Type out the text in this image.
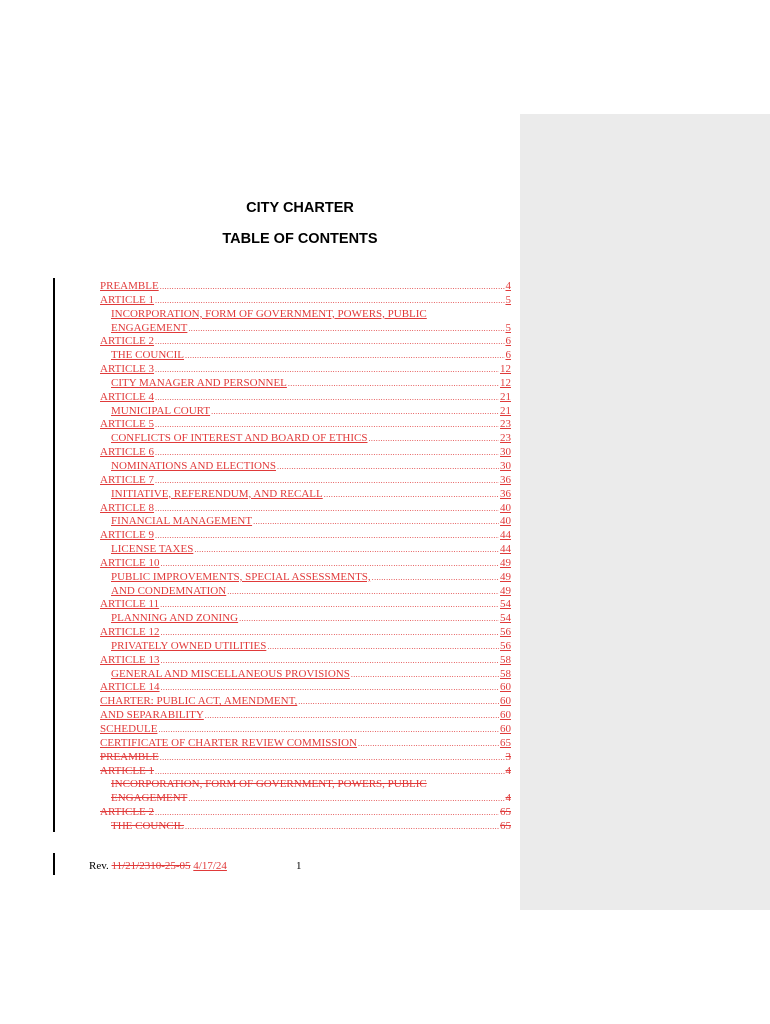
CITY CHARTER
TABLE OF CONTENTS
PREAMBLE .....	4
ARTICLE 1 .....	5
INCORPORATION, FORM OF GOVERNMENT, POWERS, PUBLIC
ENGAGEMENT .....	5
ARTICLE 2 .....	6
THE COUNCIL .....	6
ARTICLE 3 .....	12
CITY MANAGER AND PERSONNEL .....	12
ARTICLE 4 .....	21
MUNICIPAL COURT .....	21
ARTICLE 5 .....	23
CONFLICTS OF INTEREST AND BOARD OF ETHICS .....	23
ARTICLE 6 .....	30
NOMINATIONS AND ELECTIONS .....	30
ARTICLE 7 .....	36
INITIATIVE, REFERENDUM, AND RECALL .....	36
ARTICLE 8 .....	40
FINANCIAL MANAGEMENT .....	40
ARTICLE 9 .....	44
LICENSE TAXES .....	44
ARTICLE 10 .....	49
PUBLIC IMPROVEMENTS, SPECIAL ASSESSMENTS, .....	49
AND CONDEMNATION .....	49
ARTICLE 11 .....	54
PLANNING AND ZONING .....	54
ARTICLE 12 .....	56
PRIVATELY OWNED UTILITIES .....	56
ARTICLE 13 .....	58
GENERAL AND MISCELLANEOUS PROVISIONS .....	58
ARTICLE 14 .....	60
CHARTER: PUBLIC ACT, AMENDMENT, .....	60
AND SEPARABILITY .....	60
SCHEDULE .....	60
CERTIFICATE OF CHARTER REVIEW COMMISSION .....	65
PREAMBLE .....	3
ARTICLE 1 .....	4
INCORPORATION, FORM OF GOVERNMENT, POWERS, PUBLIC
ENGAGEMENT .....	4
ARTICLE 2 .....	65
THE COUNCIL .....	65
Rev. 11/21/2310-25-05 4/17/24	1
